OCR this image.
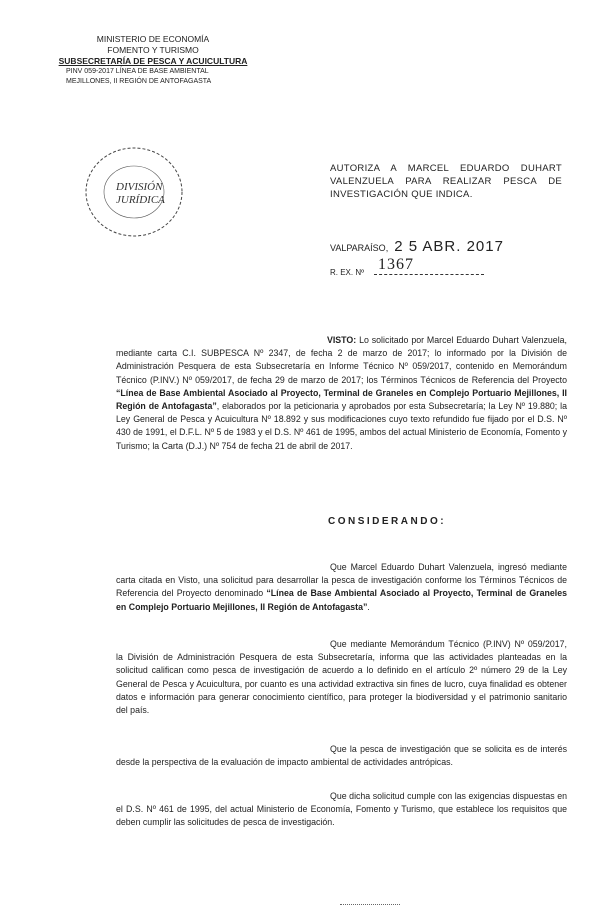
MINISTERIO DE ECONOMÍA
FOMENTO Y TURISMO
SUBSECRETARÍA DE PESCA Y ACUICULTURA
PINV 059-2017 LÍNEA DE BASE AMBIENTAL
MEJILLONES, II REGIÓN DE ANTOFAGASTA
DIVISIÓN
JURÍDICA
AUTORIZA A MARCEL EDUARDO DUHART VALENZUELA PARA REALIZAR PESCA DE INVESTIGACIÓN QUE INDICA.
VALPARAÍSO, 2 5 ABR. 2017
R. EX. Nº 1367
VISTO: Lo solicitado por Marcel Eduardo Duhart Valenzuela, mediante carta C.I. SUBPESCA Nº 2347, de fecha 2 de marzo de 2017; lo informado por la División de Administración Pesquera de esta Subsecretaría en Informe Técnico Nº 059/2017, contenido en Memorándum Técnico (P.INV.) Nº 059/2017, de fecha 29 de marzo de 2017; los Términos Técnicos de Referencia del Proyecto “Línea de Base Ambiental Asociado al Proyecto, Terminal de Graneles en Complejo Portuario Mejillones, II Región de Antofagasta”, elaborados por la peticionaria y aprobados por esta Subsecretaría; la Ley Nº 19.880; la Ley General de Pesca y Acuicultura Nº 18.892 y sus modificaciones cuyo texto refundido fue fijado por el D.S. Nº 430 de 1991, el D.F.L. Nº 5 de 1983 y el D.S. Nº 461 de 1995, ambos del actual Ministerio de Economía, Fomento y Turismo; la Carta (D.J.) Nº 754 de fecha 21 de abril de 2017.
CONSIDERANDO:
Que Marcel Eduardo Duhart Valenzuela, ingresó mediante carta citada en Visto, una solicitud para desarrollar la pesca de investigación conforme los Términos Técnicos de Referencia del Proyecto denominado “Línea de Base Ambiental Asociado al Proyecto, Terminal de Graneles en Complejo Portuario Mejillones, II Región de Antofagasta”.
Que mediante Memorándum Técnico (P.INV) Nº 059/2017, la División de Administración Pesquera de esta Subsecretaría, informa que las actividades planteadas en la solicitud califican como pesca de investigación de acuerdo a lo definido en el artículo 2º número 29 de la Ley General de Pesca y Acuicultura, por cuanto es una actividad extractiva sin fines de lucro, cuya finalidad es obtener datos e información para generar conocimiento científico, para proteger la biodiversidad y el patrimonio sanitario del país.
Que la pesca de investigación que se solicita es de interés desde la perspectiva de la evaluación de impacto ambiental de actividades antrópicas.
Que dicha solicitud cumple con las exigencias dispuestas en el D.S. Nº 461 de 1995, del actual Ministerio de Economía, Fomento y Turismo, que establece los requisitos que deben cumplir las solicitudes de pesca de investigación.
